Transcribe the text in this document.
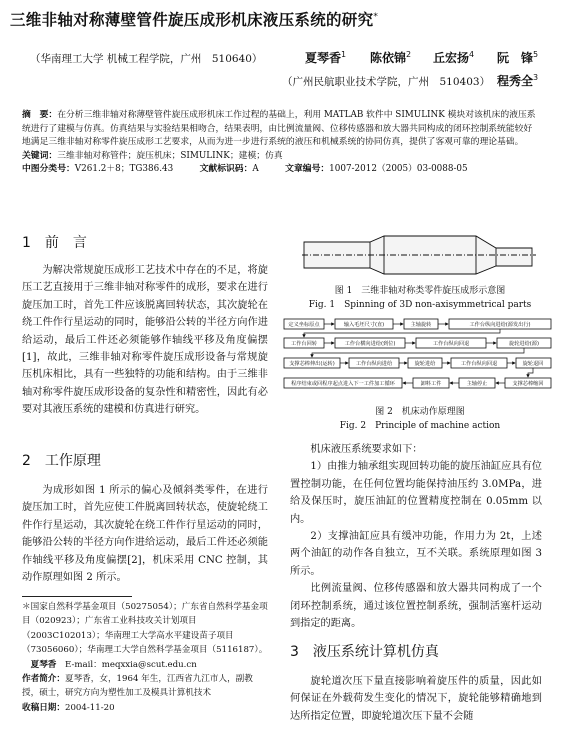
三维非轴对称薄壁管件旋压成形机床液压系统的研究*
（华南理工大学 机械工程学院，广州　510640）	夏琴香$^1$ 陈依锦$^2$ 丘宏扬$^4$ 阮　锋$^5$
（广州民航职业技术学院，广州　510403） 程秀全$^3$
摘　要：在分析三维非轴对称薄壁管件旋压成形机床工作过程的基础上，利用 MATLAB 软件中 SIMULINK 模块对该机床的液压系统进行了建模与仿真。仿真结果与实验结果相吻合，结果表明，由比例流量阀、位移传感器和放大器共同构成的闭环控制系统能较好地满足三维非轴对称零件旋压成形工艺要求，从而为进一步进行系统的液压和机械系统的协同仿真，提供了客观可靠的理论基础。
关键词：三维非轴对称管件；旋压机床；SIMULINK；建模；仿真
中图分类号：V261.2＋8；TG386.43　　　	文献标识码：A　　　	文章编号：1007-2012（2005）03-0088-05
1　前　言
为解决常规旋压成形工艺技术中存在的不足，将旋压工艺直接用于三维非轴对称零件的成形，要求在进行旋压加工时，首先工件应该脱离回转状态，其次旋轮在绕工件作行星运动的同时，能够沿公转的半径方向作进给运动，最后工件还必须能够作轴线平移及角度偏摆[1]，故此，三维非轴对称零件旋压成形设备与常规旋压机床相比，具有一些独特的功能和结构。由于三维非轴对称零件旋压成形设备的复杂性和精密性，因此有必要对其液压系统的建模和仿真进行研究。
2　工作原理
为成形如图 1 所示的偏心及倾斜类零件，在进行旋压加工时，首先应使工件脱离回转状态，使旋轮绕工件作行星运动，其次旋轮在绕工件作行星运动的同时，能够沿公转的半径方向作进给运动，最后工件还必须能作轴线平移及角度偏摆[2]，机床采用 CNC 控制，其动作原理如图 2 所示。
＊国家自然科学基金项目（50275054）；广东省自然科学基金项目（020923）；广东省工业科技攻关计划项目（2003C102013）；华南理工大学高水平建设苗子项目（73056060）；华南理工大学自然科学基金项目（5116187）。
　夏琴香　 E-mail：meqxxia@scut.edu.cn
作者简介：夏琴香，女，1964 年生，江西省九江市人，副教授，硕士，研究方向为塑性加工及模具计算机技术
收稿日期：2004-11-20
图 1　三维非轴对称类零件旋压成形示意图
Fig. 1　Spinning of 3D non-axisymmetrical parts
定义坐标原点	输入毛坯尺寸(直)	主轴旋转	工作台纵向进给(源发出行)
工作台回转	工作台横向进给(到位)	工作台纵向回退	旋轮进给(源)
支撑芯棒伸出(运转)	工作台纵向进给	旋轮进给	工作台纵向回退	旋轮退回
程序结束或回程序起点进入下一工件加工循环	卸料工件	主轴停止	支撑芯棒缩回
图 2　机床动作原理图
Fig. 2　Principle of machine action
机床液压系统要求如下：
1）由推力轴承组实现回转功能的旋压油缸应具有位置控制功能，在任何位置均能保持油压约 3.0MPa，进给及保压时，旋压油缸的位置精度控制在 0.05mm 以内。
2）支撑油缸应具有缓冲功能，作用力为 2t，上述两个油缸的动作各自独立，互不关联。系统原理如图 3 所示。
比例流量阀、位移传感器和放大器共同构成了一个闭环控制系统，通过该位置控制系统，强制活塞杆运动到指定的距离。
3　液压系统计算机仿真
旋轮道次压下量直接影响着旋压件的质量，因此如何保证在外载荷发生变化的情况下，旋轮能够精确地到达所指定位置，即旋轮道次压下量不会随
